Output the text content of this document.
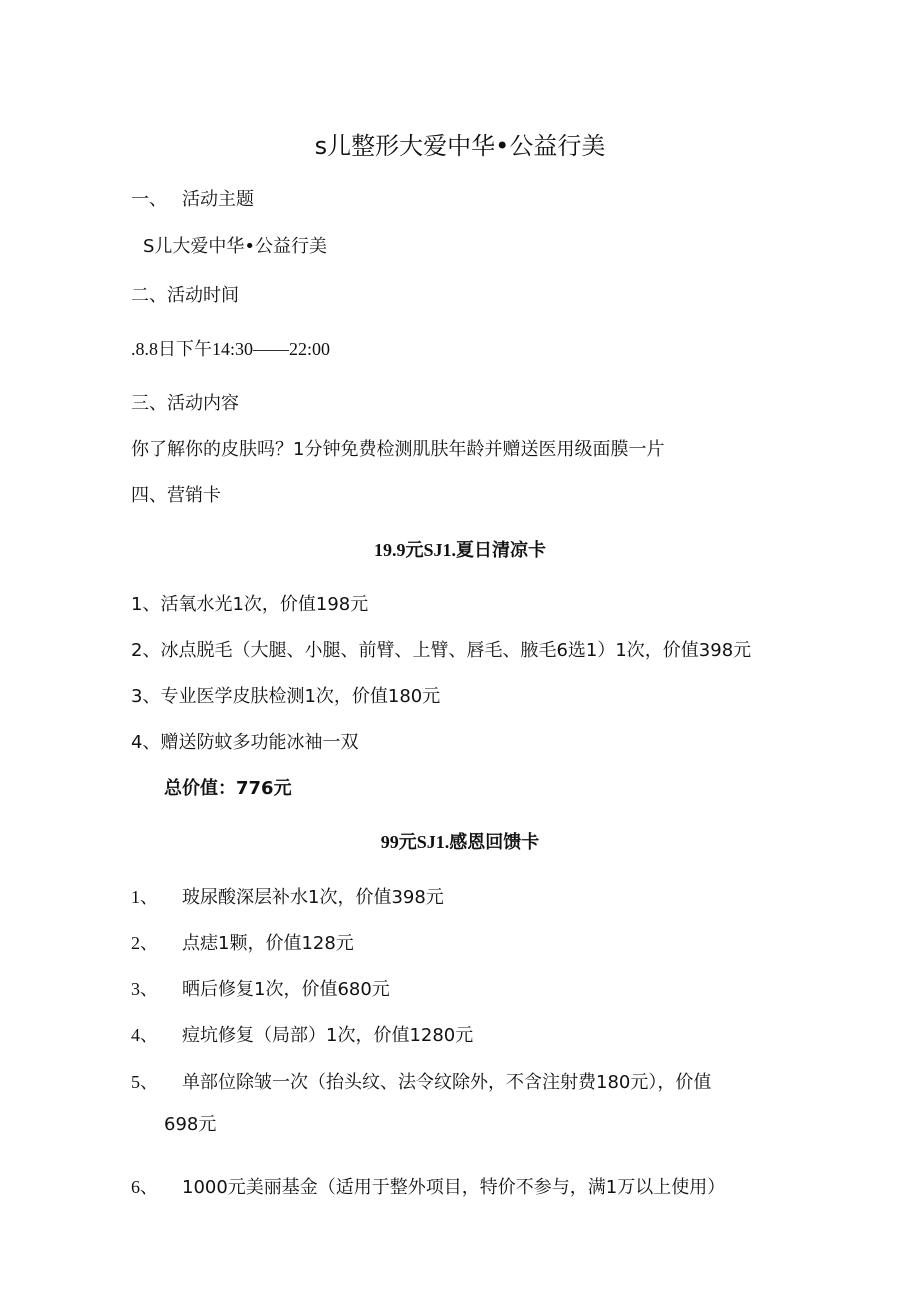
s儿整形大爱中华•公益行美
一、 活动主题
S儿大爱中华•公益行美
二、活动时间
.8.8日下午14:30——22:00
三、活动内容
你了解你的皮肤吗？1分钟免费检测肌肤年龄并赠送医用级面膜一片
四、营销卡
19.9元SJ1.夏日清凉卡
1、活氧水光1次，价值198元
2、冰点脱毛（大腿、小腿、前臂、上臂、唇毛、腋毛6选1）1次，价值398元
3、专业医学皮肤检测1次，价值180元
4、赠送防蚊多功能冰袖一双
总价值：776元
99元SJ1.感恩回馈卡
1、 玻尿酸深层补水1次，价值398元
2、 点痣1颗，价值128元
3、 晒后修复1次，价值680元
4、 痘坑修复（局部）1次，价值1280元
5、 单部位除皱一次（抬头纹、法令纹除外，不含注射费180元），价值
698元
6、 1000元美丽基金（适用于整外项目，特价不参与，满1万以上使用）
